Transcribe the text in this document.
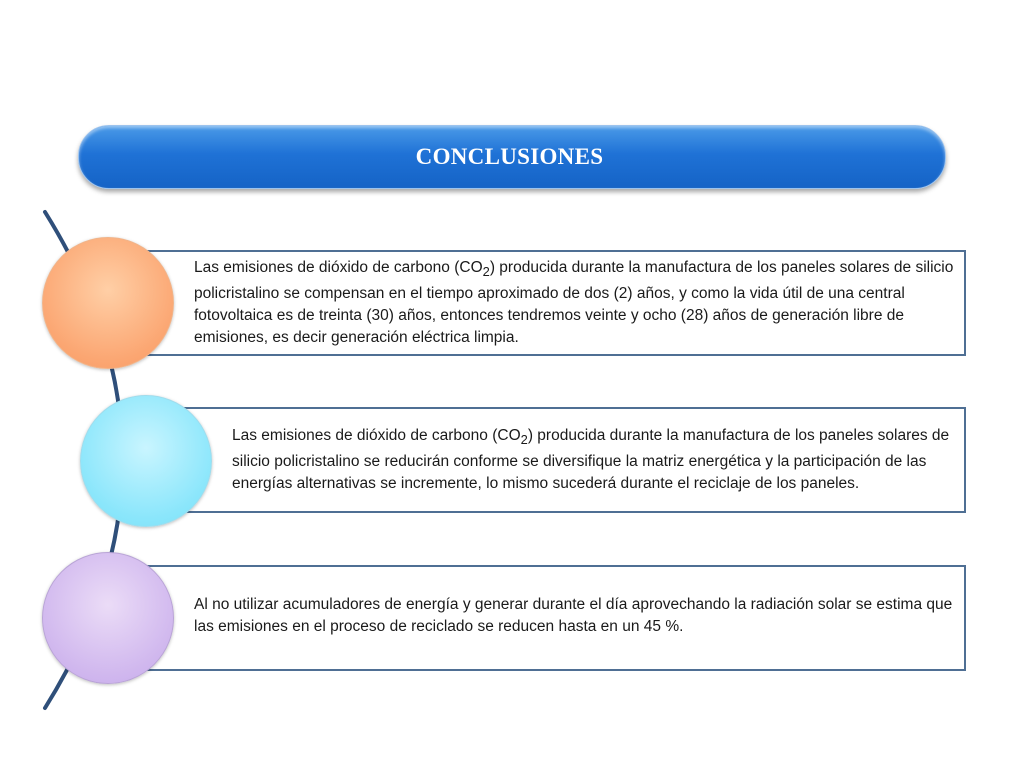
CONCLUSIONES
Las emisiones de dióxido de carbono $(CO_2)$ producida durante la manufactura de los paneles solares de silicio policristalino se compensan en el tiempo aproximado de dos (2) años, y como la vida útil de una central fotovoltaica es de treinta (30) años, entonces tendremos veinte y ocho (28) años de generación libre de emisiones, es decir generación eléctrica limpia.
Las emisiones de dióxido de carbono $(CO_2)$ producida durante la manufactura de los paneles solares de silicio policristalino se reducirán conforme se diversifique la matriz energética y la participación de las energías alternativas se incremente, lo mismo sucederá durante el reciclaje de los paneles.
Al no utilizar acumuladores de energía y generar durante el día aprovechando la radiación solar se estima que las emisiones en el proceso de reciclado se reducen hasta en un 45 %.
